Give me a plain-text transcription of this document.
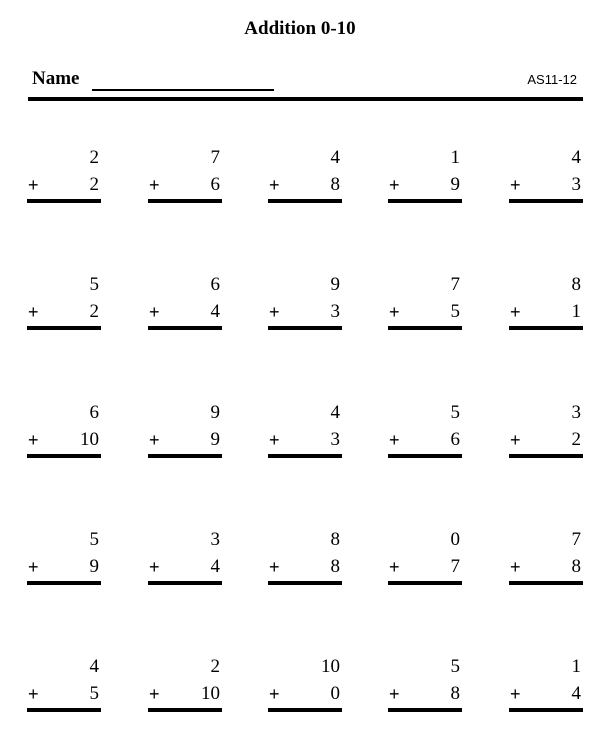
Addition 0-10
Name	AS11-12
2
+	2
7
+	6
4
+	8
1
+	9
4
+	3
5
+	2
6
+	4
9
+	3
7
+	5
8
+	1
6
+ 10
9
+	9
4
+	3
5
+	6
3
+	2
5
+	9
3
+	4
8
+	8
0
+	7
7
+	8
4
+	5
2
+ 10
10
+	0
5
+	8
1
+	4
